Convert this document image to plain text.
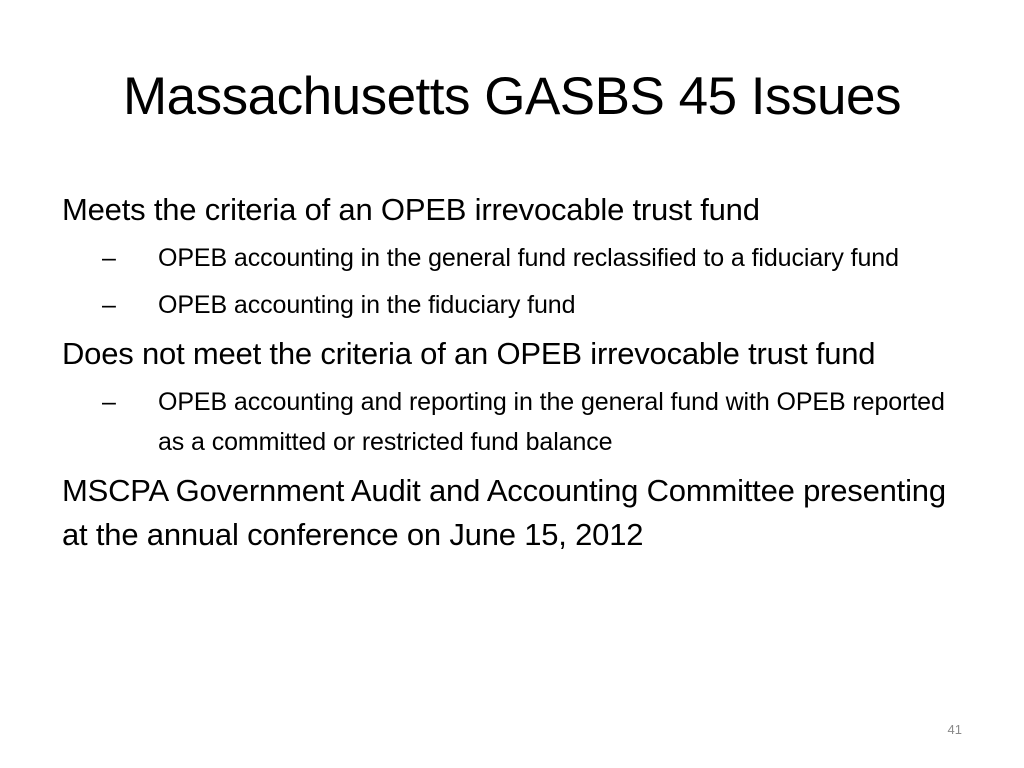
Massachusetts GASBS 45 Issues
Meets the criteria of an OPEB irrevocable trust fund
– OPEB accounting in the general fund reclassified to a fiduciary fund
– OPEB accounting in the fiduciary fund
Does not meet the criteria of an OPEB irrevocable trust fund
– OPEB accounting and reporting in the general fund with OPEB reported as a committed or restricted fund balance
MSCPA Government Audit and Accounting Committee presenting at the annual conference on June 15, 2012
41
